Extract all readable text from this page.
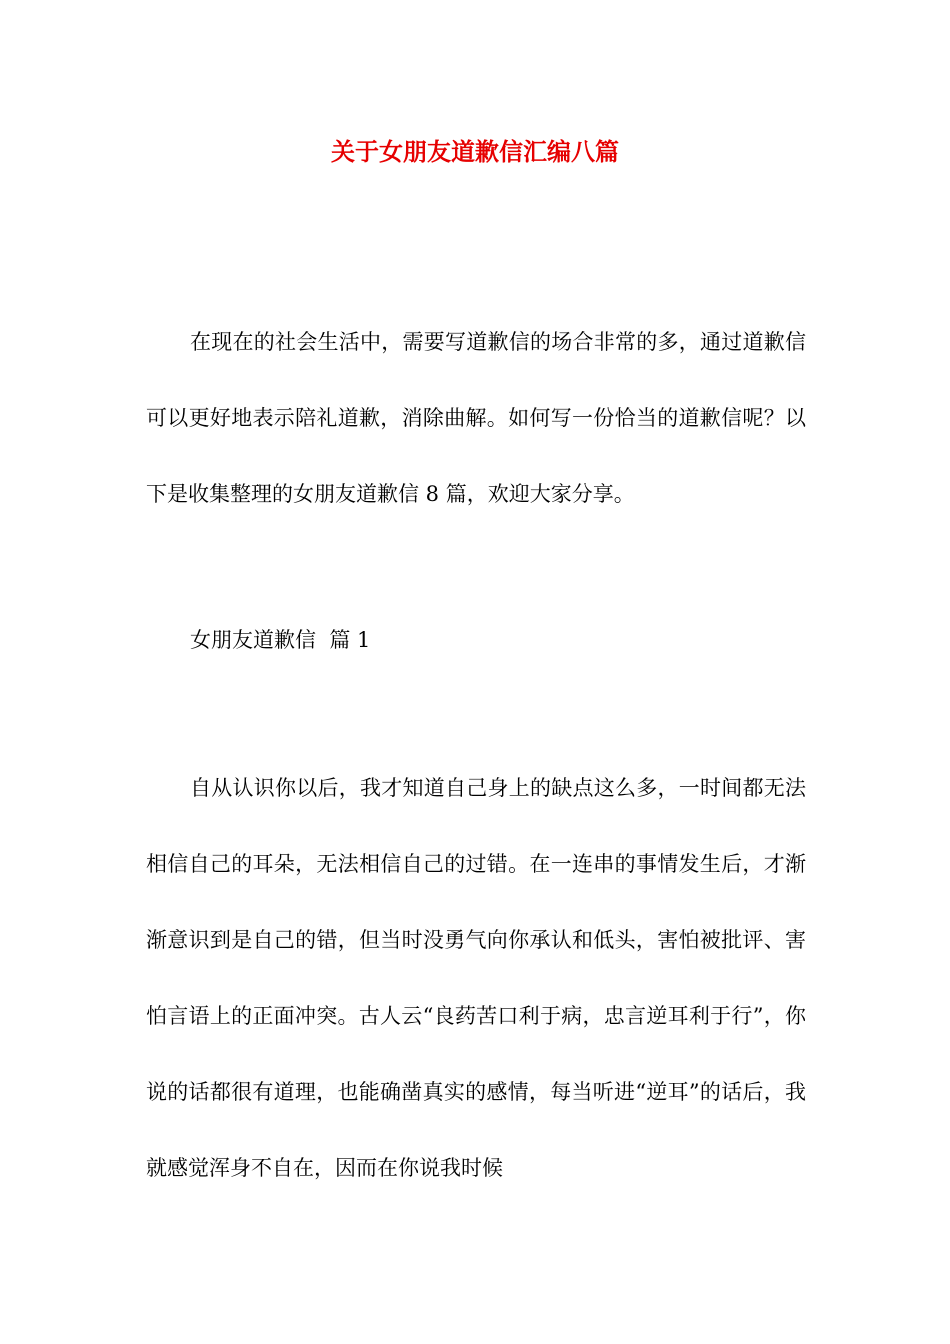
关于女朋友道歉信汇编八篇

在现在的社会生活中，需要写道歉信的场合非常的多，通过道歉信可以更好地表示陪礼道歉，消除曲解。如何写一份恰当的道歉信呢？以下是收集整理的女朋友道歉信 8 篇，欢迎大家分享。

女朋友道歉信  篇 1

自从认识你以后，我才知道自己身上的缺点这么多，一时间都无法相信自己的耳朵，无法相信自己的过错。在一连串的事情发生后，才渐渐意识到是自己的错，但当时没勇气向你承认和低头，害怕被批评、害怕言语上的正面冲突。古人云“良药苦口利于病，忠言逆耳利于行”，你说的话都很有道理，也能确凿真实的感情，每当听进“逆耳”的话后，我就感觉浑身不自在，因而在你说我时候
